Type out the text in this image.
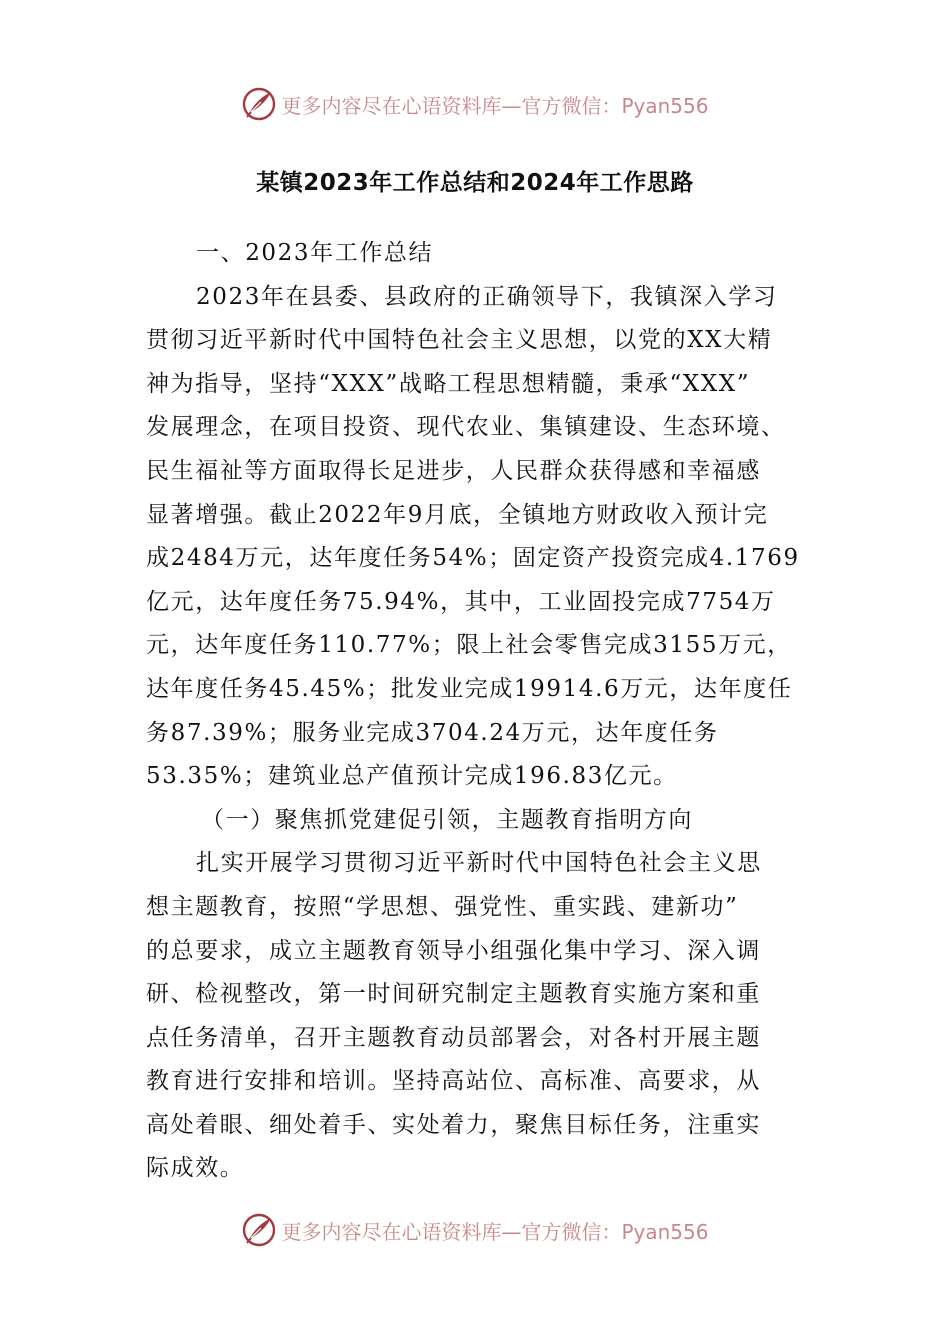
更多内容尽在心语资料库—官方微信：Pyan556
某镇2023年工作总结和2024年工作思路
一、2023年工作总结
2023年在县委、县政府的正确领导下，我镇深入学习
贯彻习近平新时代中国特色社会主义思想，以党的XX大精
神为指导，坚持“XXX”战略工程思想精髓，秉承“XXX”
发展理念，在项目投资、现代农业、集镇建设、生态环境、
民生福祉等方面取得长足进步，人民群众获得感和幸福感
显著增强。截止2022年9月底，全镇地方财政收入预计完
成2484万元，达年度任务54%；固定资产投资完成4.1769
亿元，达年度任务75.94%，其中，工业固投完成7754万
元，达年度任务110.77%；限上社会零售完成3155万元，
达年度任务45.45%；批发业完成19914.6万元，达年度任
务87.39%；服务业完成3704.24万元，达年度任务
53.35%；建筑业总产值预计完成196.83亿元。
（一）聚焦抓党建促引领，主题教育指明方向
扎实开展学习贯彻习近平新时代中国特色社会主义思
想主题教育，按照“学思想、强党性、重实践、建新功”
的总要求，成立主题教育领导小组强化集中学习、深入调
研、检视整改，第一时间研究制定主题教育实施方案和重
点任务清单，召开主题教育动员部署会，对各村开展主题
教育进行安排和培训。坚持高站位、高标准、高要求，从
高处着眼、细处着手、实处着力，聚焦目标任务，注重实
际成效。
更多内容尽在心语资料库—官方微信：Pyan556
